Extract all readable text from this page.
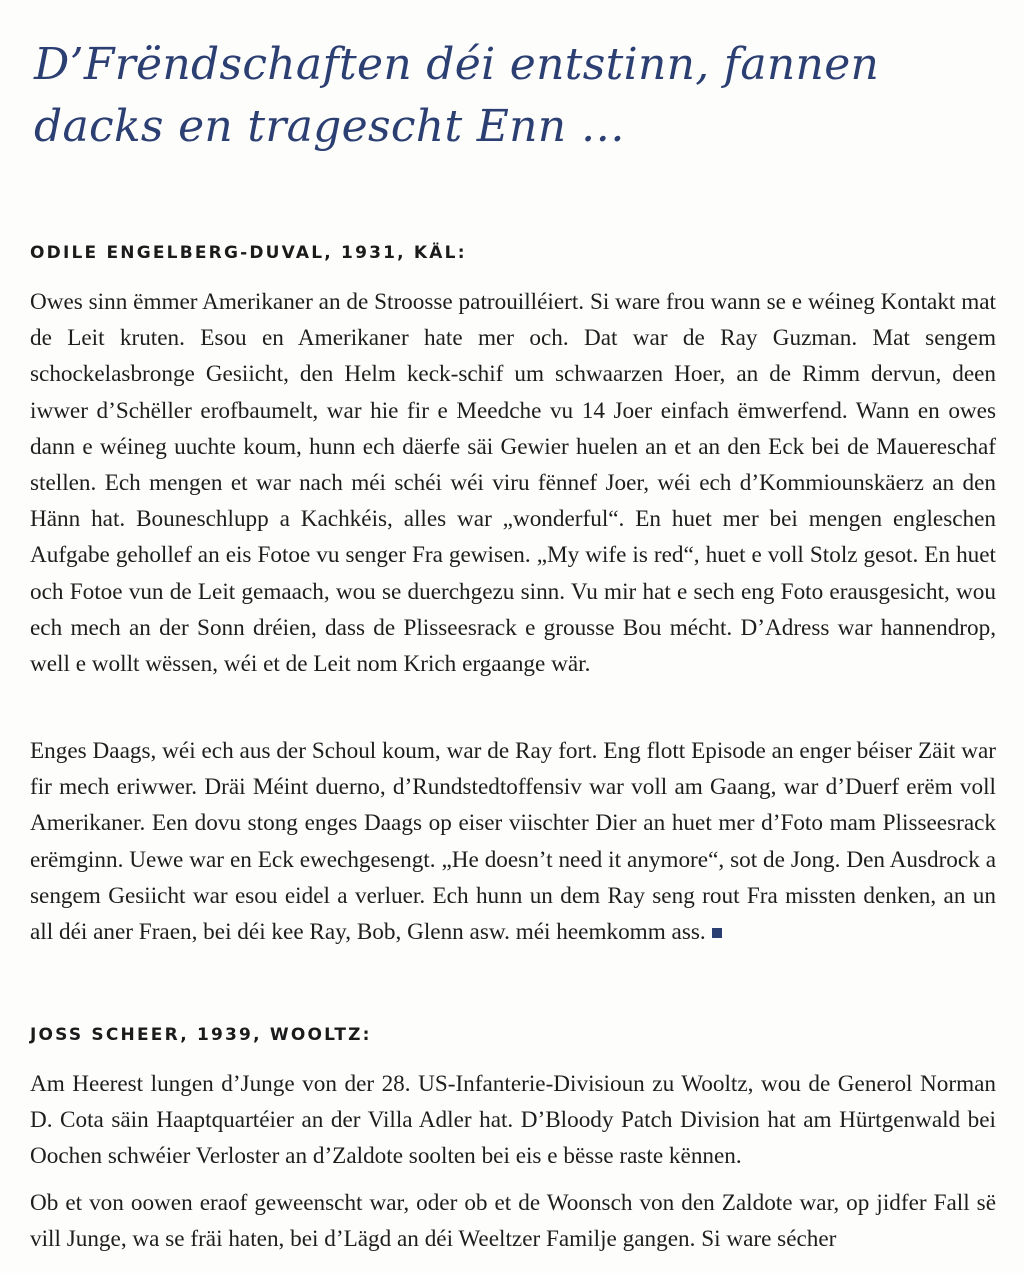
D’Frëndschaften déi entstinn, fannen dacks en tragescht Enn …
ODILE ENGELBERG-DUVAL, 1931, KÄL:

Owes sinn ëmmer Amerikaner an de Stroosse patrouilléiert. Si ware frou wann se e wéineg Kontakt mat de Leit kruten. Esou en Amerikaner hate mer och. Dat war de Ray Guzman. Mat sengem schockelasbronge Gesiicht, den Helm keck-schif um schwaarzen Hoer, an de Rimm dervun, deen iwwer d’Schëller erofbaumelt, war hie fir e Meedche vu 14 Joer einfach ëmwerfend. Wann en owes dann e wéineg uuchte koum, hunn ech däerfe säi Gewier huelen an et an den Eck bei de Mauereschaf stellen. Ech mengen et war nach méi schéi wéi viru fënnef Joer, wéi ech d’Kommiounskäerz an den Hänn hat. Bouneschlupp a Kachkéis, alles war „wonderful“. En huet mer bei mengen engleschen Aufgabe gehollef an eis Fotoe vu senger Fra gewisen. „My wife is red“, huet e voll Stolz gesot. En huet och Fotoe vun de Leit gemaach, wou se duerchgezu sinn. Vu mir hat e sech eng Foto erausgesicht, wou ech mech an der Sonn dréien, dass de Plisseesrack e grousse Bou mécht. D’Adress war hannendrop, well e wollt wëssen, wéi et de Leit nom Krich ergaange wär.

Enges Daags, wéi ech aus der Schoul koum, war de Ray fort. Eng flott Episode an enger béiser Zäit war fir mech eriwwer. Dräi Méint duerno, d’Rundstedtoffensiv war voll am Gaang, war d’Duerf erëm voll Amerikaner. Een dovu stong enges Daags op eiser viischter Dier an huet mer d’Foto mam Plisseesrack erëmginn. Uewe war en Eck ewechgesengt. „He doesn’t need it anymore“, sot de Jong. Den Ausdrock a sengem Gesiicht war esou eidel a verluer. Ech hunn un dem Ray seng rout Fra missten denken, an un all déi aner Fraen, bei déi kee Ray, Bob, Glenn asw. méi heemkomm ass.

JOSS SCHEER, 1939, WOOLTZ:

Am Heerest lungen d’Junge von der 28. US-Infanterie-Divisioun zu Wooltz, wou de Generol Norman D. Cota säin Haaptquartéier an der Villa Adler hat. D’Bloody Patch Division hat am Hürtgenwald bei Oochen schwéier Verloster an d’Zaldote soolten bei eis e bësse raste kënnen.

Ob et von oowen eraof geweenscht war, oder ob et de Woonsch von den Zaldote war, op jidfer Fall së vill Junge, wa se fräi haten, bei d’Lägd an déi Weeltzer Familje gangen. Si ware sécher
